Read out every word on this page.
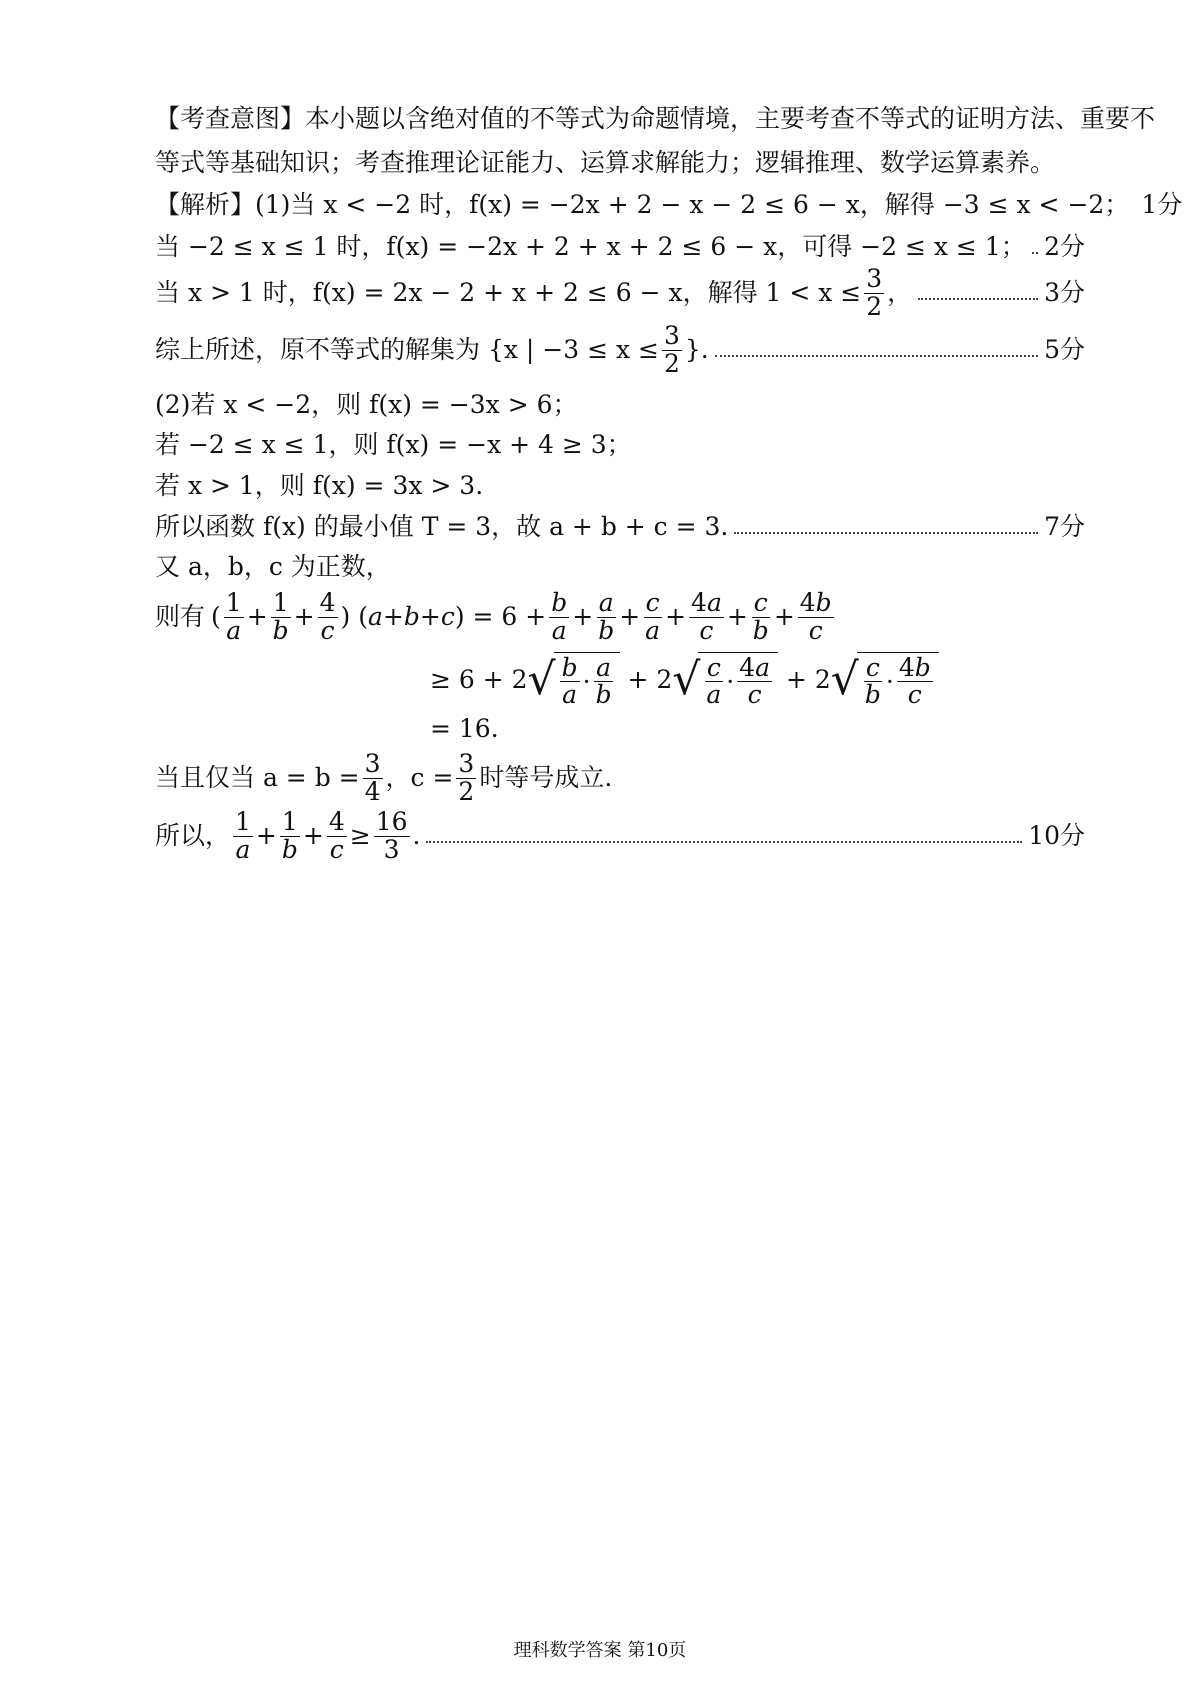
【考查意图】本小题以含绝对值的不等式为命题情境，主要考查不等式的证明方法、重要不
等式等基础知识；考查推理论证能力、运算求解能力；逻辑推理、数学运算素养。
【解析】(1)当 x < −2 时，f(x) = −2x + 2 − x − 2 ≤ 6 − x，解得 −3 ≤ x < −2； 1分
当 −2 ≤ x ≤ 1 时，f(x) = −2x + 2 + x + 2 ≤ 6 − x，可得 −2 ≤ x ≤ 1； 2分
当 x > 1 时，f(x) = 2x − 2 + x + 2 ≤ 6 − x，解得 $1 < x \le \frac{3}{2}$ ，	3分
综上所述，原不等式的解集为 {x | $-3 \le x \le \frac{3}{2}$ }.	5分
(2)若 x < −2，则 f(x) = −3x > 6；
若 −2 ≤ x ≤ 1，则 f(x) = −x + 4 ≥ 3；
若 x > 1，则 f(x) = 3x > 3.
所以函数 f(x) 的最小值 T = 3，故 a + b + c = 3.	7分
又 a，b，c 为正数，
则有 ( $\frac{1}{a} + \frac{1}{b} + \frac{4}{c}$ ) $(a+b+c) = 6 + \frac{b}{a} + \frac{a}{b} + \frac{c}{a} + \frac{4a}{c} + \frac{c}{b} + \frac{4b}{c}$
≥ 6 + 2 √ $\frac{b}{a} \cdot \frac{a}{b} + 2$ √ $\frac{c}{a} \cdot \frac{4a}{c} + 2$ √ $\frac{c}{b} \cdot \frac{4b}{c}$
= 16.
当且仅当 $a = b = \frac{3}{4}$ ，$c = \frac{3}{2}$ 时等号成立.
所以， $\frac{1}{a} + \frac{1}{b} + \frac{4}{c} \ge \frac{16}{3}$ .	10分
理科数学答案 第10页
